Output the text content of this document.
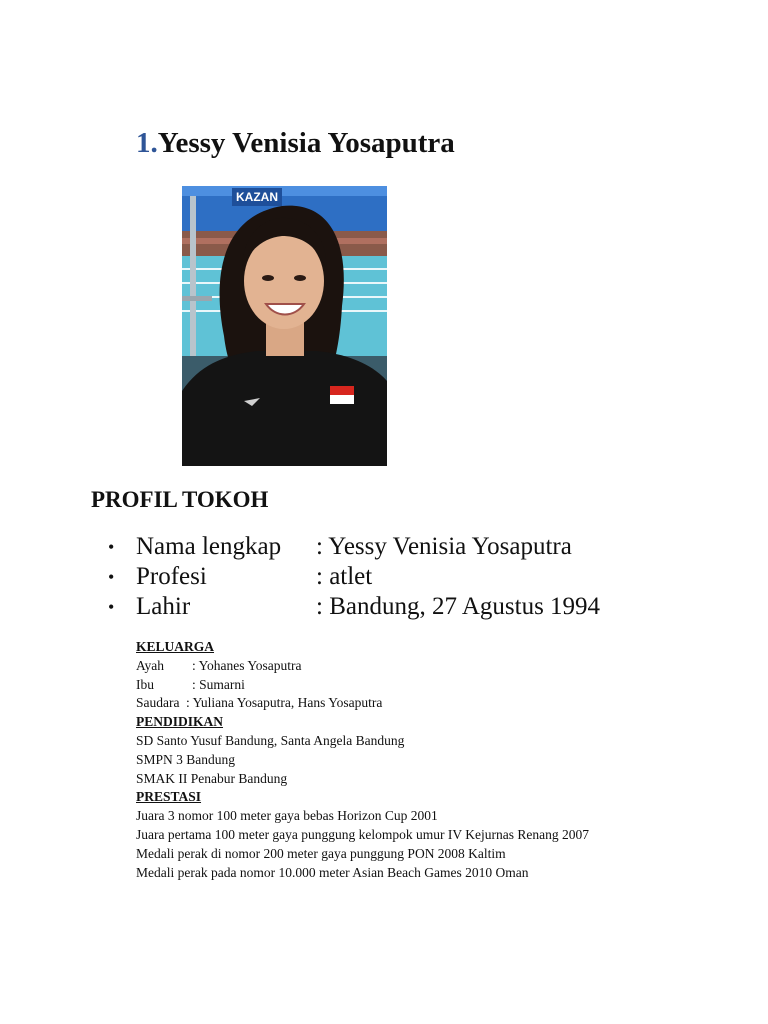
1.Yessy Venisia Yosaputra
KAZAN
PROFIL TOKOH
• Nama lengkap : Yessy Venisia Yosaputra
• Profesi	: atlet
• Lahir	: Bandung, 27 Agustus 1994
KELUARGA
Ayah : Yohanes Yosaputra
Ibu	: Sumarni
Saudara : Yuliana Yosaputra, Hans Yosaputra
PENDIDIKAN
SD Santo Yusuf Bandung, Santa Angela Bandung
SMPN 3 Bandung
SMAK II Penabur Bandung
PRESTASI
Juara 3 nomor 100 meter gaya bebas Horizon Cup 2001
Juara pertama 100 meter gaya punggung kelompok umur IV Kejurnas Renang 2007
Medali perak di nomor 200 meter gaya punggung PON 2008 Kaltim
Medali perak pada nomor 10.000 meter Asian Beach Games 2010 Oman
